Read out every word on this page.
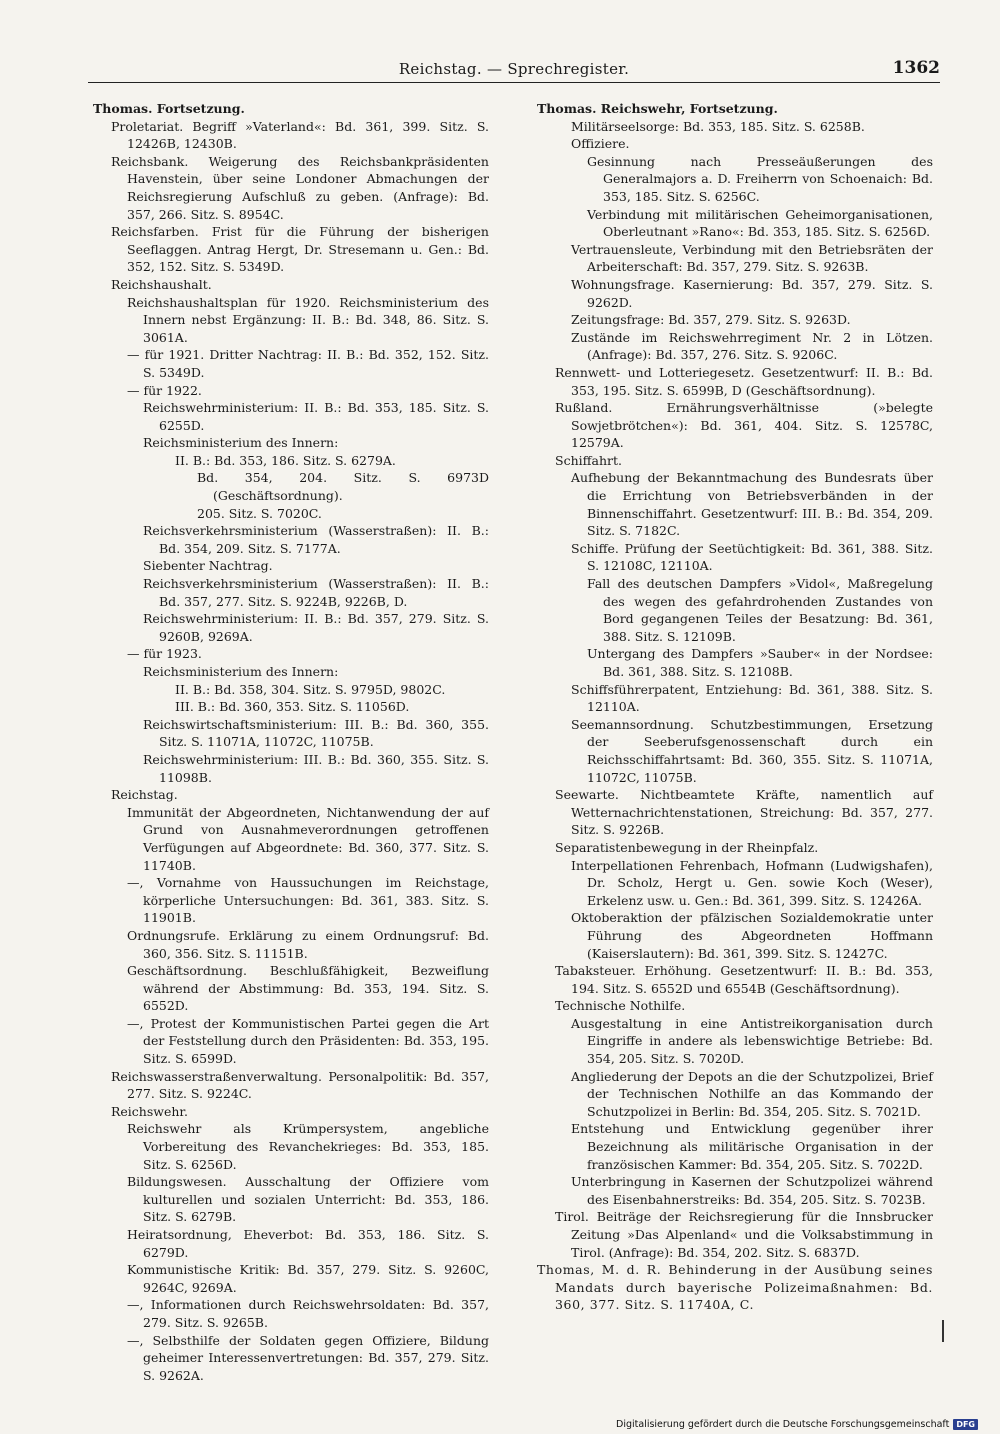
Reichstag. — Sprechregister.	1362
Thomas. Fortsetzung.
Proletariat. Begriff »Vaterland«: Bd. 361, 399. Sitz. S. 12426B, 12430B.
Reichsbank. Weigerung des Reichsbankpräsidenten Havenstein, über seine Londoner Abmachungen der Reichsregierung Aufschluß zu geben. (Anfrage): Bd. 357, 266. Sitz. S. 8954C.
Reichsfarben. Frist für die Führung der bisherigen Seeflaggen. Antrag Hergt, Dr. Stresemann u. Gen.: Bd. 352, 152. Sitz. S. 5349D.
Reichshaushalt.
Reichshaushaltsplan für 1920. Reichsministerium des Innern nebst Ergänzung: II. B.: Bd. 348, 86. Sitz. S. 3061A.
— für 1921. Dritter Nachtrag: II. B.: Bd. 352, 152. Sitz. S. 5349D.
— für 1922.
Reichswehrministerium: II. B.: Bd. 353, 185. Sitz. S. 6255D.
Reichsministerium des Innern:
II. B.: Bd. 353, 186. Sitz. S. 6279A.
Bd. 354, 204. Sitz. S. 6973D (Geschäftsordnung).
205. Sitz. S. 7020C.
Reichsverkehrsministerium (Wasserstraßen): II. B.: Bd. 354, 209. Sitz. S. 7177A.
Siebenter Nachtrag.
Reichsverkehrsministerium (Wasserstraßen): II. B.: Bd. 357, 277. Sitz. S. 9224B, 9226B, D.
Reichswehrministerium: II. B.: Bd. 357, 279. Sitz. S. 9260B, 9269A.
— für 1923.
Reichsministerium des Innern:
II. B.: Bd. 358, 304. Sitz. S. 9795D, 9802C.
III. B.: Bd. 360, 353. Sitz. S. 11056D.
Reichswirtschaftsministerium: III. B.: Bd. 360, 355. Sitz. S. 11071A, 11072C, 11075B.
Reichswehrministerium: III. B.: Bd. 360, 355. Sitz. S. 11098B.
Reichstag.
Immunität der Abgeordneten, Nichtanwendung der auf Grund von Ausnahmeverordnungen getroffenen Verfügungen auf Abgeordnete: Bd. 360, 377. Sitz. S. 11740B.
—, Vornahme von Haussuchungen im Reichstage, körperliche Untersuchungen: Bd. 361, 383. Sitz. S. 11901B.
Ordnungsrufe. Erklärung zu einem Ordnungsruf: Bd. 360, 356. Sitz. S. 11151B.
Geschäftsordnung. Beschlußfähigkeit, Bezweiflung während der Abstimmung: Bd. 353, 194. Sitz. S. 6552D.
—, Protest der Kommunistischen Partei gegen die Art der Feststellung durch den Präsidenten: Bd. 353, 195. Sitz. S. 6599D.
Reichswasserstraßenverwaltung. Personalpolitik: Bd. 357, 277. Sitz. S. 9224C.
Reichswehr.
Reichswehr als Krümpersystem, angebliche Vorbereitung des Revanchekrieges: Bd. 353, 185. Sitz. S. 6256D.
Bildungswesen. Ausschaltung der Offiziere vom kulturellen und sozialen Unterricht: Bd. 353, 186. Sitz. S. 6279B.
Heiratsordnung, Eheverbot: Bd. 353, 186. Sitz. S. 6279D.
Kommunistische Kritik: Bd. 357, 279. Sitz. S. 9260C, 9264C, 9269A.
—, Informationen durch Reichswehrsoldaten: Bd. 357, 279. Sitz. S. 9265B.
—, Selbsthilfe der Soldaten gegen Offiziere, Bildung geheimer Interessenvertretungen: Bd. 357, 279. Sitz. S. 9262A.
Thomas. Reichswehr, Fortsetzung.
Militärseelsorge: Bd. 353, 185. Sitz. S. 6258B.
Offiziere.
Gesinnung nach Presseäußerungen des Generalmajors a. D. Freiherrn von Schoenaich: Bd. 353, 185. Sitz. S. 6256C.
Verbindung mit militärischen Geheimorganisationen, Oberleutnant »Rano«: Bd. 353, 185. Sitz. S. 6256D.
Vertrauensleute, Verbindung mit den Betriebsräten der Arbeiterschaft: Bd. 357, 279. Sitz. S. 9263B.
Wohnungsfrage. Kasernierung: Bd. 357, 279. Sitz. S. 9262D.
Zeitungsfrage: Bd. 357, 279. Sitz. S. 9263D.
Zustände im Reichswehrregiment Nr. 2 in Lötzen. (Anfrage): Bd. 357, 276. Sitz. S. 9206C.
Rennwett- und Lotteriegesetz. Gesetzentwurf: II. B.: Bd. 353, 195. Sitz. S. 6599B, D (Geschäftsordnung).
Rußland. Ernährungsverhältnisse (»belegte Sowjetbrötchen«): Bd. 361, 404. Sitz. S. 12578C, 12579A.
Schiffahrt.
Aufhebung der Bekanntmachung des Bundesrats über die Errichtung von Betriebsverbänden in der Binnenschiffahrt. Gesetzentwurf: III. B.: Bd. 354, 209. Sitz. S. 7182C.
Schiffe. Prüfung der Seetüchtigkeit: Bd. 361, 388. Sitz. S. 12108C, 12110A.
Fall des deutschen Dampfers »Vidol«, Maßregelung des wegen des gefahrdrohenden Zustandes von Bord gegangenen Teiles der Besatzung: Bd. 361, 388. Sitz. S. 12109B.
Untergang des Dampfers »Sauber« in der Nordsee: Bd. 361, 388. Sitz. S. 12108B.
Schiffsführerpatent, Entziehung: Bd. 361, 388. Sitz. S. 12110A.
Seemannsordnung. Schutzbestimmungen, Ersetzung der Seeberufsgenossenschaft durch ein Reichsschiffahrtsamt: Bd. 360, 355. Sitz. S. 11071A, 11072C, 11075B.
Seewarte. Nichtbeamtete Kräfte, namentlich auf Wetternachrichtenstationen, Streichung: Bd. 357, 277. Sitz. S. 9226B.
Separatistenbewegung in der Rheinpfalz.
Interpellationen Fehrenbach, Hofmann (Ludwigshafen), Dr. Scholz, Hergt u. Gen. sowie Koch (Weser), Erkelenz usw. u. Gen.: Bd. 361, 399. Sitz. S. 12426A.
Oktoberaktion der pfälzischen Sozialdemokratie unter Führung des Abgeordneten Hoffmann (Kaiserslautern): Bd. 361, 399. Sitz. S. 12427C.
Tabaksteuer. Erhöhung. Gesetzentwurf: II. B.: Bd. 353, 194. Sitz. S. 6552D und 6554B (Geschäftsordnung).
Technische Nothilfe.
Ausgestaltung in eine Antistreikorganisation durch Eingriffe in andere als lebenswichtige Betriebe: Bd. 354, 205. Sitz. S. 7020D.
Angliederung der Depots an die der Schutzpolizei, Brief der Technischen Nothilfe an das Kommando der Schutzpolizei in Berlin: Bd. 354, 205. Sitz. S. 7021D.
Entstehung und Entwicklung gegenüber ihrer Bezeichnung als militärische Organisation in der französischen Kammer: Bd. 354, 205. Sitz. S. 7022D.
Unterbringung in Kasernen der Schutzpolizei während des Eisenbahnerstreiks: Bd. 354, 205. Sitz. S. 7023B.
Tirol. Beiträge der Reichsregierung für die Innsbrucker Zeitung »Das Alpenland« und die Volksabstimmung in Tirol. (Anfrage): Bd. 354, 202. Sitz. S. 6837D.
Thomas, M. d. R. Behinderung in der Ausübung seines Mandats durch bayerische Polizeimaßnahmen: Bd. 360, 377. Sitz. S. 11740A, C.
Digitalisierung gefördert durch die Deutsche Forschungsgemeinschaft DFG
